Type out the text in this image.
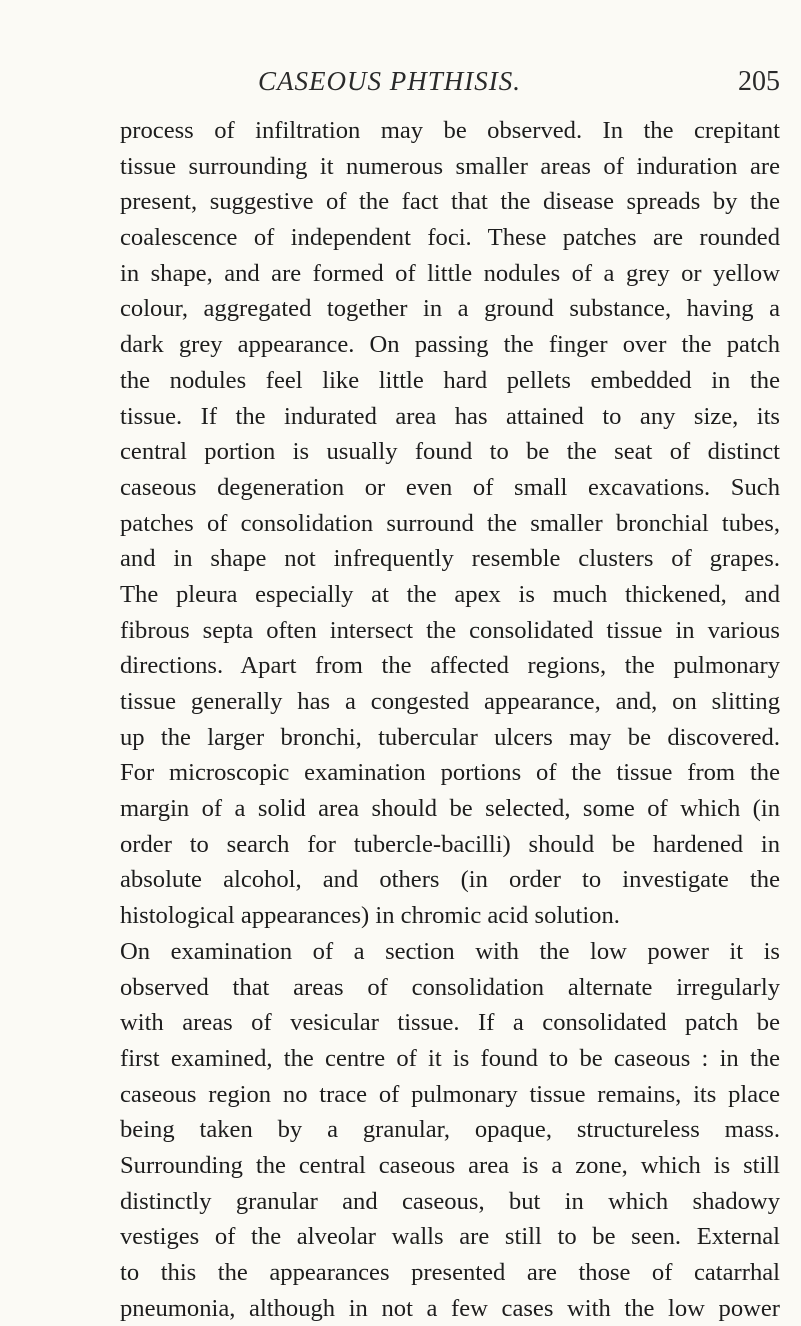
CASEOUS PHTHISIS.	205
process of infiltration may be observed. In the crepitant
tissue surrounding it numerous smaller areas of induration are
present, suggestive of the fact that the disease spreads by the
coalescence of independent foci. These patches are rounded
in shape, and are formed of little nodules of a grey or yellow
colour, aggregated together in a ground substance, having a
dark grey appearance. On passing the finger over the patch
the nodules feel like little hard pellets embedded in the
tissue. If the indurated area has attained to any size, its
central portion is usually found to be the seat of distinct
caseous degeneration or even of small excavations. Such
patches of consolidation surround the smaller bronchial tubes,
and in shape not infrequently resemble clusters of grapes.
The pleura especially at the apex is much thickened, and
fibrous septa often intersect the consolidated tissue in various
directions. Apart from the affected regions, the pulmonary
tissue generally has a congested appearance, and, on slitting
up the larger bronchi, tubercular ulcers may be discovered.
For microscopic examination portions of the tissue from the
margin of a solid area should be selected, some of which (in
order to search for tubercle-bacilli) should be hardened in
absolute alcohol, and others (in order to investigate the
histological appearances) in chromic acid solution.
On examination of a section with the low power it is
observed that areas of consolidation alternate irregularly
with areas of vesicular tissue. If a consolidated patch be
first examined, the centre of it is found to be caseous : in the
caseous region no trace of pulmonary tissue remains, its place
being taken by a granular, opaque, structureless mass.
Surrounding the central caseous area is a zone, which is still
distinctly granular and caseous, but in which shadowy
vestiges of the alveolar walls are still to be seen. External
to this the appearances presented are those of catarrhal
pneumonia, although in not a few cases with the low power
